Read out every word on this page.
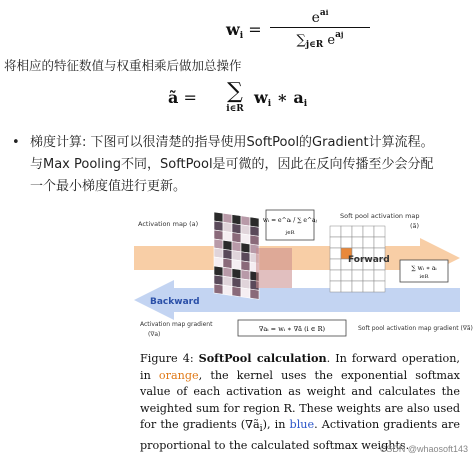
$w_i$ =
$e^{ai}$
$\sum_{j\in R}$ $e^{aj}$
将相应的特征数值与权重相乘后做加总操作
ã =	∑
i∈R
$w_i$ ∗ $a_i$
• 梯度计算: 下图可以很清楚的指导使用SoftPool的Gradient计算流程。
与Max Pooling不同，SoftPool是可微的，因此在反向传播至少会分配
一个最小梯度值进行更新。
wᵢ = e^aᵢ / ∑ e^aⱼ
j∈R
∑ wᵢ ∗ aᵢ
i∈R
∇aᵢ = wᵢ ∗ ∇ã (i ∈ R)
Activation map (a)
Soft pool activation map
(ã)
Forward
Backward
Activation map gradient
(∇a)
Soft pool activation map gradient (∇ã)
Figure 4: SoftPool calculation. In forward operation, in orange, the kernel uses the exponential softmax value of each activation as weight and calculates the weighted sum for region R. These weights are also used for the gradients $(\nabla ã_i)$, in blue. Activation gradients are proportional to the calculated softmax weights.
CSDN @whaosoft143
